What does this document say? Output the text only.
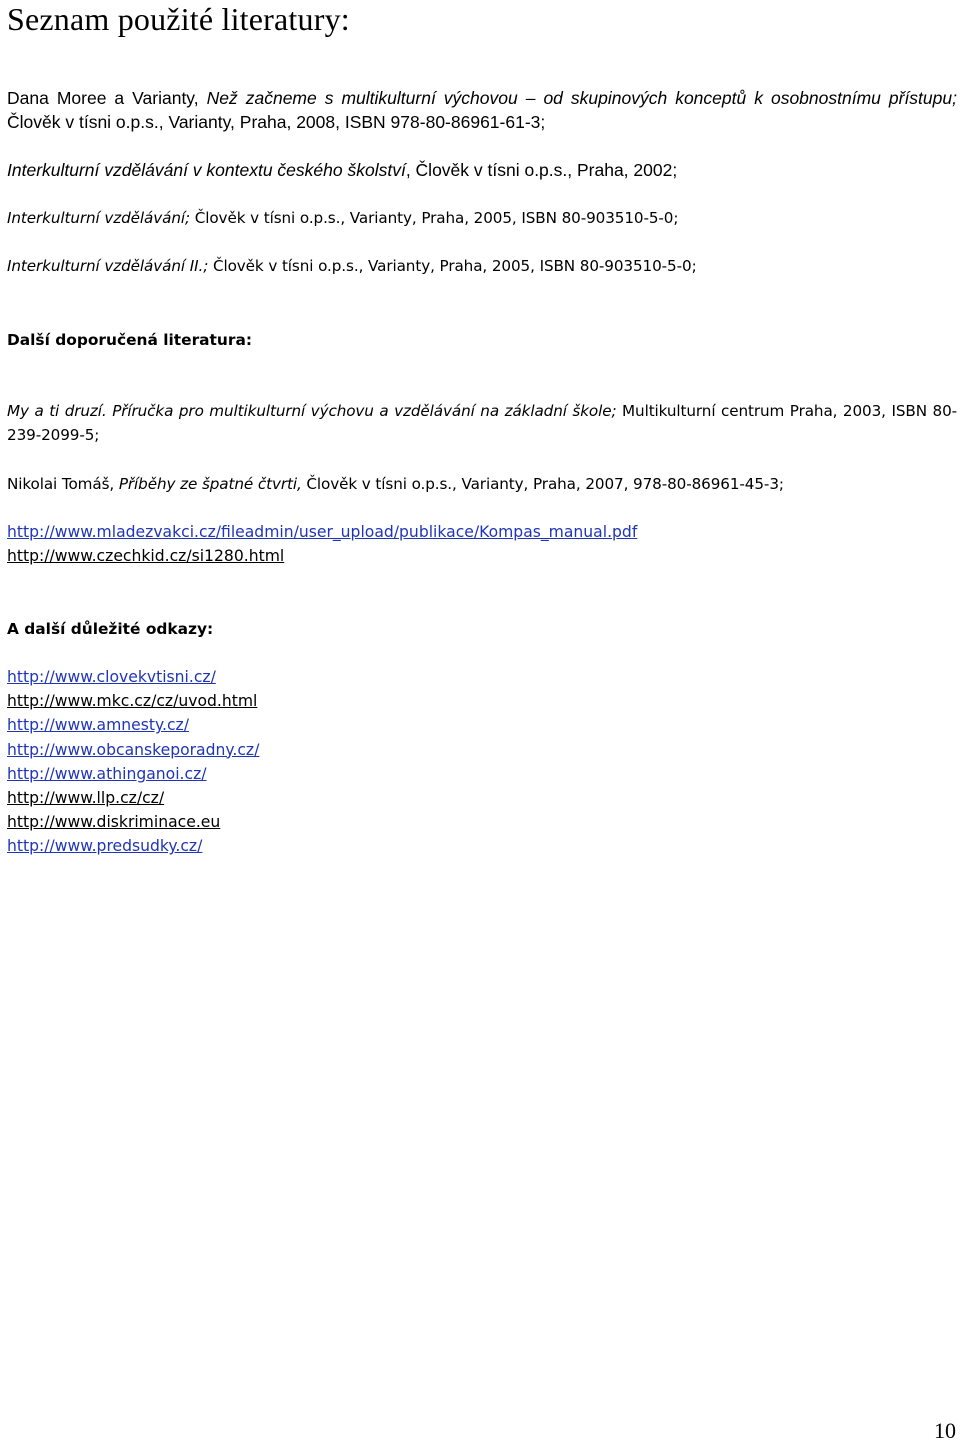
Seznam použité literatury:

Dana Moree a Varianty, Než začneme s multikulturní výchovou – od skupinových konceptů k osobnostnímu přístupu; Člověk v tísni o.p.s., Varianty, Praha, 2008, ISBN 978-80-86961-61-3;

Interkulturní vzdělávání v kontextu českého školství, Člověk v tísni o.p.s., Praha, 2002;

Interkulturní vzdělávání; Člověk v tísni o.p.s., Varianty, Praha, 2005, ISBN 80-903510-5-0;

Interkulturní vzdělávání II.; Člověk v tísni o.p.s., Varianty, Praha, 2005, ISBN 80-903510-5-0;

Další doporučená literatura:

My a ti druzí. Příručka pro multikulturní výchovu a vzdělávání na základní škole; Multikulturní centrum Praha, 2003, ISBN 80-239-2099-5;

Nikolai Tomáš, Příběhy ze špatné čtvrti, Člověk v tísni o.p.s., Varianty, Praha, 2007, 978-80-86961-45-3;

http://www.mladezvakci.cz/fileadmin/user_upload/publikace/Kompas_manual.pdf
http://www.czechkid.cz/si1280.html

A další důležité odkazy:

http://www.clovekvtisni.cz/
http://www.mkc.cz/cz/uvod.html
http://www.amnesty.cz/
http://www.obcanskeporadny.cz/
http://www.athinganoi.cz/
http://www.llp.cz/cz/
http://www.diskriminace.eu
http://www.predsudky.cz/
10
